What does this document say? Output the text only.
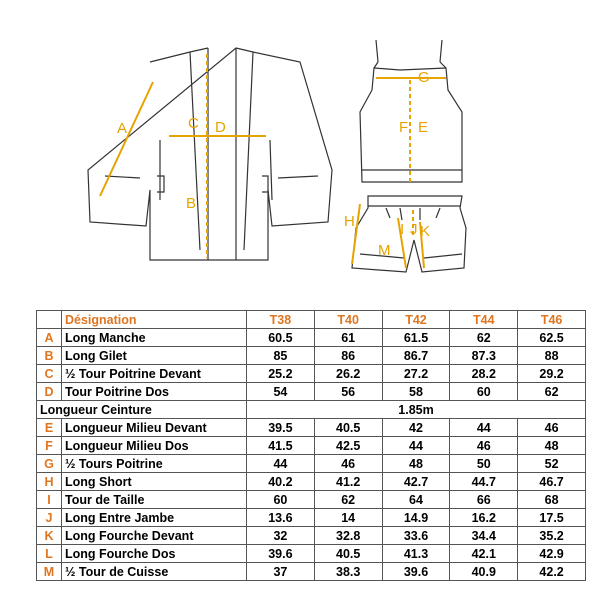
A
B
C D
G
F E
H	I J K
M
	Désignation	T38	T40	T42	T44	T46
A	Long Manche	60.5	61	61.5	62	62.5
B	Long Gilet	85	86	86.7	87.3	88
C	½ Tour Poitrine Devant	25.2	26.2	27.2	28.2	29.2
D	Tour Poitrine Dos	54	56	58	60	62
Longueur Ceinture		1.85m				
E	Longueur Milieu Devant	39.5	40.5	42	44	46
F	Longueur Milieu Dos	41.5	42.5	44	46	48
G	½ Tours Poitrine	44	46	48	50	52
H	Long Short	40.2	41.2	42.7	44.7	46.7
I	Tour de Taille	60	62	64	66	68
J	Long Entre Jambe	13.6	14	14.9	16.2	17.5
K	Long Fourche Devant	32	32.8	33.6	34.4	35.2
L	Long Fourche Dos	39.6	40.5	41.3	42.1	42.9
M	½ Tour de Cuisse	37	38.3	39.6	40.9	42.2
